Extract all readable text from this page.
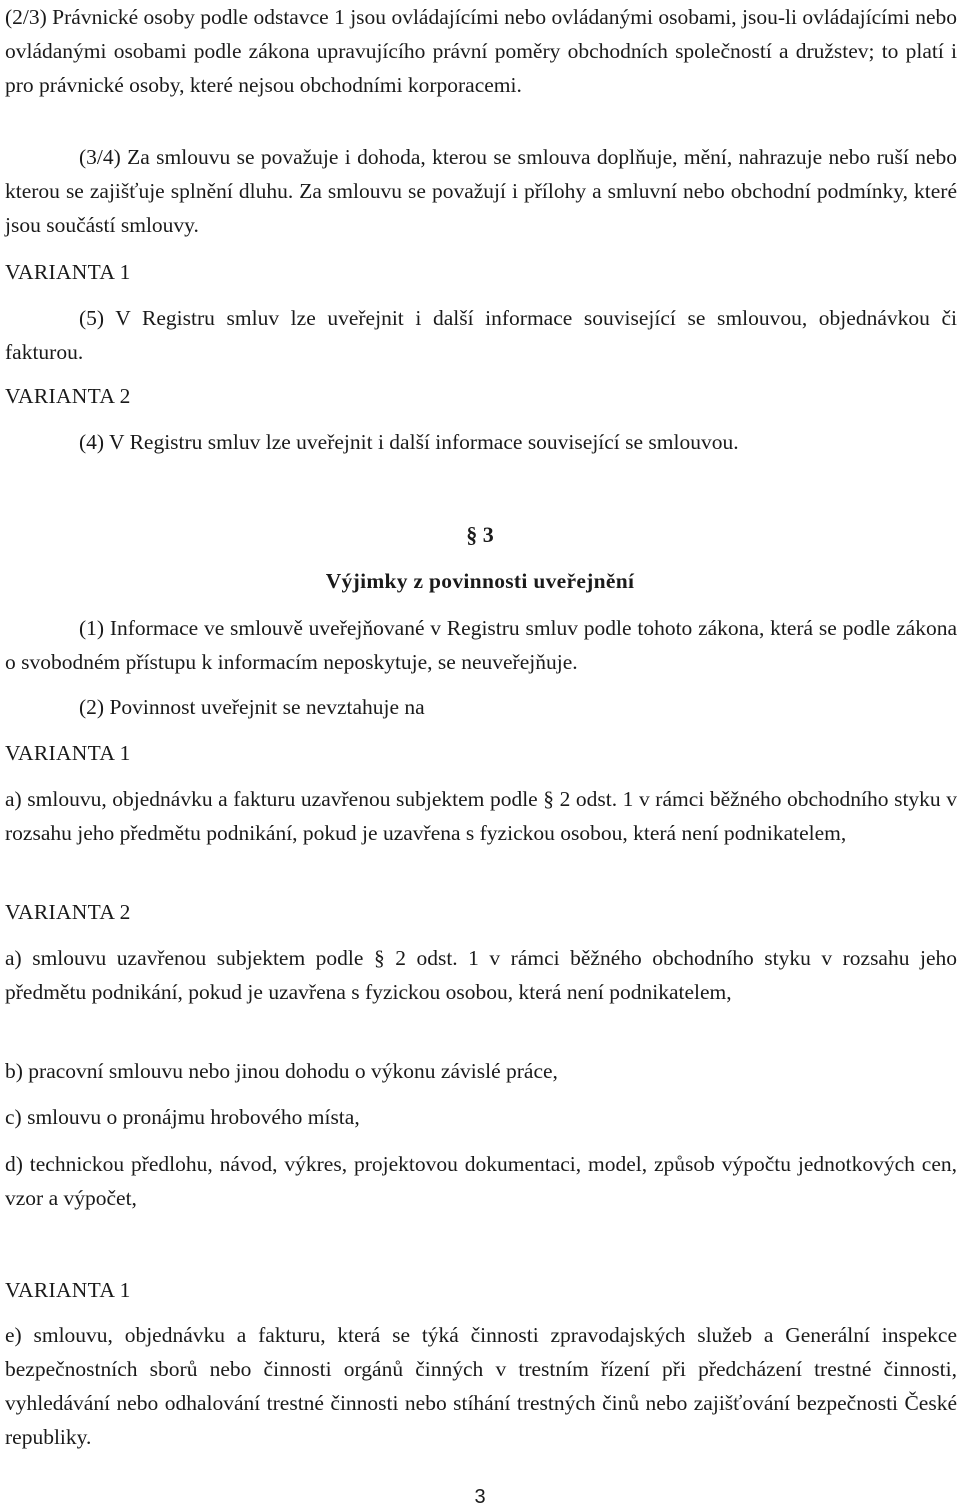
(2/3) Právnické osoby podle odstavce 1 jsou ovládajícími nebo ovládanými osobami, jsou-li ovládajícími nebo ovládanými osobami podle zákona upravujícího právní poměry obchodních společností a družstev; to platí i pro právnické osoby, které nejsou obchodními korporacemi.

(3/4) Za smlouvu se považuje i dohoda, kterou se smlouva doplňuje, mění, nahrazuje nebo ruší nebo kterou se zajišťuje splnění dluhu. Za smlouvu se považují i přílohy a smluvní nebo obchodní podmínky, které jsou součástí smlouvy.

VARIANTA 1

(5) V Registru smluv lze uveřejnit i další informace související se smlouvou, objednávkou či fakturou.

VARIANTA 2

(4) V Registru smluv lze uveřejnit i další informace související se smlouvou.

§ 3

Výjimky z povinnosti uveřejnění

(1) Informace ve smlouvě uveřejňované v Registru smluv podle tohoto zákona, která se podle zákona o svobodném přístupu k informacím neposkytuje, se neuveřejňuje.

(2) Povinnost uveřejnit se nevztahuje na

VARIANTA 1

a) smlouvu, objednávku a fakturu uzavřenou subjektem podle § 2 odst. 1 v rámci běžného obchodního styku v rozsahu jeho předmětu podnikání, pokud je uzavřena s fyzickou osobou, která není podnikatelem,

VARIANTA 2

a) smlouvu uzavřenou subjektem podle § 2 odst. 1 v rámci běžného obchodního styku v rozsahu jeho předmětu podnikání, pokud je uzavřena s fyzickou osobou, která není podnikatelem,

b) pracovní smlouvu nebo jinou dohodu o výkonu závislé práce,

c) smlouvu o pronájmu hrobového místa,

d) technickou předlohu, návod, výkres, projektovou dokumentaci, model, způsob výpočtu jednotkových cen, vzor a výpočet,

VARIANTA 1

e) smlouvu, objednávku a fakturu, která se týká činnosti zpravodajských služeb a Generální inspekce bezpečnostních sborů nebo činnosti orgánů činných v trestním řízení při předcházení trestné činnosti, vyhledávání nebo odhalování trestné činnosti nebo stíhání trestných činů nebo zajišťování bezpečnosti České republiky.

3
